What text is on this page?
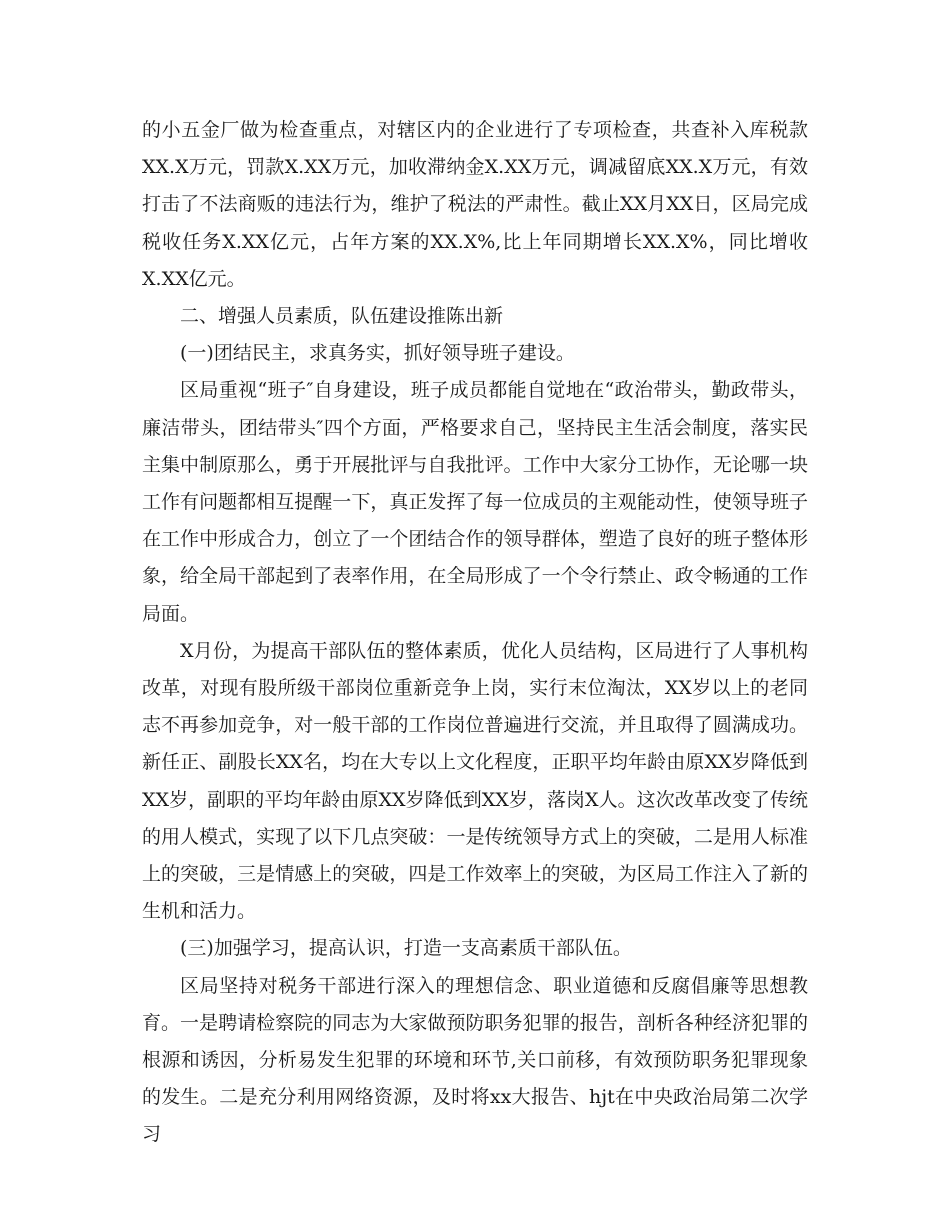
的小五金厂做为检查重点，对辖区内的企业进行了专项检查，共查补入库税款XX.X万元，罚款X.XX万元，加收滞纳金X.XX万元，调减留底XX.X万元，有效打击了不法商贩的违法行为，维护了税法的严肃性。截止XX月XX日，区局完成税收任务X.XX亿元，占年方案的XX.X%,比上年同期增长XX.X%，同比增收X.XX亿元。

二、增强人员素质，队伍建设推陈出新

(一)团结民主，求真务实，抓好领导班子建设。

区局重视“班子″自身建设，班子成员都能自觉地在“政治带头，勤政带头，廉洁带头，团结带头″四个方面，严格要求自己，坚持民主生活会制度，落实民主集中制原那么，勇于开展批评与自我批评。工作中大家分工协作，无论哪一块工作有问题都相互提醒一下，真正发挥了每一位成员的主观能动性，使领导班子在工作中形成合力，创立了一个团结合作的领导群体，塑造了良好的班子整体形象，给全局干部起到了表率作用，在全局形成了一个令行禁止、政令畅通的工作局面。

X月份，为提高干部队伍的整体素质，优化人员结构，区局进行了人事机构改革，对现有股所级干部岗位重新竞争上岗，实行末位淘汰，XX岁以上的老同志不再参加竞争，对一般干部的工作岗位普遍进行交流，并且取得了圆满成功。新任正、副股长XX名，均在大专以上文化程度，正职平均年龄由原XX岁降低到XX岁，副职的平均年龄由原XX岁降低到XX岁，落岗X人。这次改革改变了传统的用人模式，实现了以下几点突破：一是传统领导方式上的突破，二是用人标准上的突破，三是情感上的突破，四是工作效率上的突破，为区局工作注入了新的生机和活力。

(三)加强学习，提高认识，打造一支高素质干部队伍。

区局坚持对税务干部进行深入的理想信念、职业道德和反腐倡廉等思想教育。一是聘请检察院的同志为大家做预防职务犯罪的报告，剖析各种经济犯罪的根源和诱因，分析易发生犯罪的环境和环节,关口前移，有效预防职务犯罪现象的发生。二是充分利用网络资源，及时将xx大报告、hjt在中央政治局第二次学习
